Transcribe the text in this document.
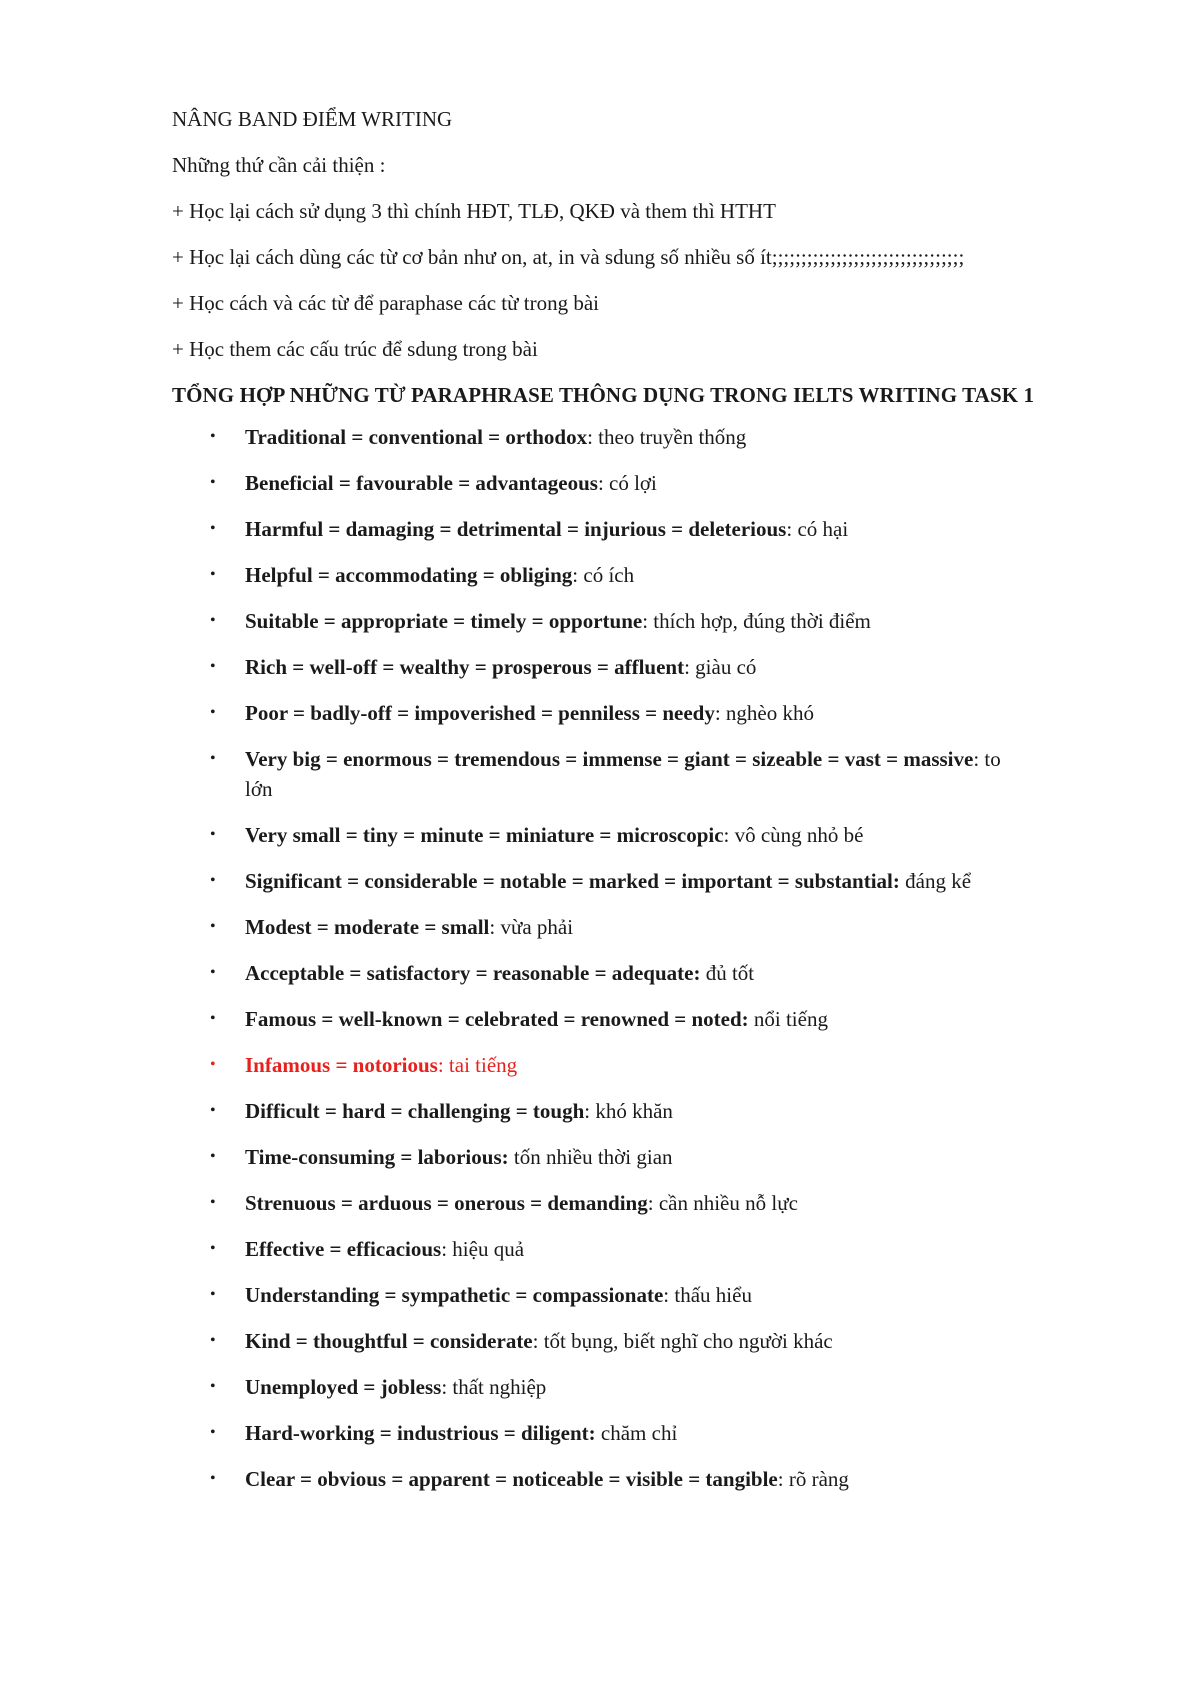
NÂNG BAND ĐIỂM WRITING

Những thứ cần cải thiện :

+ Học lại cách sử dụng 3 thì chính HĐT, TLĐ, QKĐ và them thì HTHT

+ Học lại cách dùng các từ cơ bản như on, at, in và sdung số nhiều số ít;;;;;;;;;;;;;;;;;;;;;;;;;;;;;;;;;

+ Học cách và các từ để paraphase các từ trong bài

+ Học them các cấu trúc để sdung trong bài

TỔNG HỢP NHỮNG TỪ PARAPHRASE THÔNG DỤNG TRONG IELTS WRITING TASK 1

• Traditional = conventional = orthodox: theo truyền thống
• Beneficial = favourable = advantageous: có lợi
• Harmful = damaging = detrimental = injurious = deleterious: có hại
• Helpful = accommodating = obliging: có ích
• Suitable = appropriate = timely = opportune: thích hợp, đúng thời điểm
• Rich = well-off = wealthy = prosperous = affluent: giàu có
• Poor = badly-off = impoverished = penniless = needy: nghèo khó
• Very big = enormous = tremendous = immense = giant = sizeable = vast = massive: to lớn
• Very small = tiny = minute = miniature = microscopic: vô cùng nhỏ bé
• Significant = considerable = notable = marked = important = substantial: đáng kể
• Modest = moderate = small: vừa phải
• Acceptable = satisfactory = reasonable = adequate: đủ tốt
• Famous = well-known = celebrated = renowned = noted: nổi tiếng
• Infamous = notorious: tai tiếng
• Difficult = hard = challenging = tough: khó khăn
• Time-consuming = laborious: tốn nhiều thời gian
• Strenuous = arduous = onerous = demanding: cần nhiều nỗ lực
• Effective = efficacious: hiệu quả
• Understanding = sympathetic = compassionate: thấu hiểu
• Kind = thoughtful = considerate: tốt bụng, biết nghĩ cho người khác
• Unemployed = jobless: thất nghiệp
• Hard-working = industrious = diligent: chăm chỉ
• Clear = obvious = apparent = noticeable = visible = tangible: rõ ràng
